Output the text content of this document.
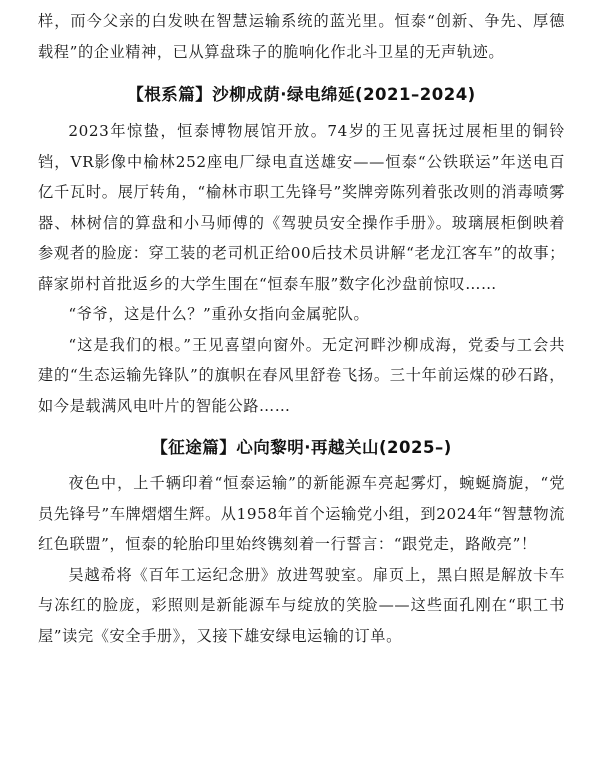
样，而今父亲的白发映在智慧运输系统的蓝光里。恒泰“创新、争先、厚德载程”的企业精神，已从算盘珠子的脆响化作北斗卫星的无声轨迹。

【根系篇】沙柳成荫·绿电绵延(2021–2024)

2023年惊蛰，恒泰博物展馆开放。74岁的王见喜抚过展柜里的铜铃铛，VR影像中榆林252座电厂绿电直送雄安——恒泰“公铁联运”年送电百亿千瓦时。展厅转角，“榆林市职工先锋号”奖牌旁陈列着张改则的消毒喷雾器、林树信的算盘和小马师傅的《驾驶员安全操作手册》。玻璃展柜倒映着参观者的脸庞：穿工装的老司机正给00后技术员讲解“老龙江客车”的故事；薛家峁村首批返乡的大学生围在“恒泰车服”数字化沙盘前惊叹……

“爷爷，这是什么？”重孙女指向金属驼队。

“这是我们的根。”王见喜望向窗外。无定河畔沙柳成海，党委与工会共建的“生态运输先锋队”的旗帜在春风里舒卷飞扬。三十年前运煤的砂石路，如今是载满风电叶片的智能公路……

【征途篇】心向黎明·再越关山(2025–)

夜色中，上千辆印着“恒泰运输”的新能源车亮起雾灯，蜿蜒旖旎，“党员先锋号”车牌熠熠生辉。从1958年首个运输党小组，到2024年“智慧物流红色联盟”，恒泰的轮胎印里始终镌刻着一行誓言：“跟党走，路敞亮”！

吴越希将《百年工运纪念册》放进驾驶室。扉页上，黑白照是解放卡车与冻红的脸庞，彩照则是新能源车与绽放的笑脸——这些面孔刚在“职工书屋”读完《安全手册》，又接下雄安绿电运输的订单。
